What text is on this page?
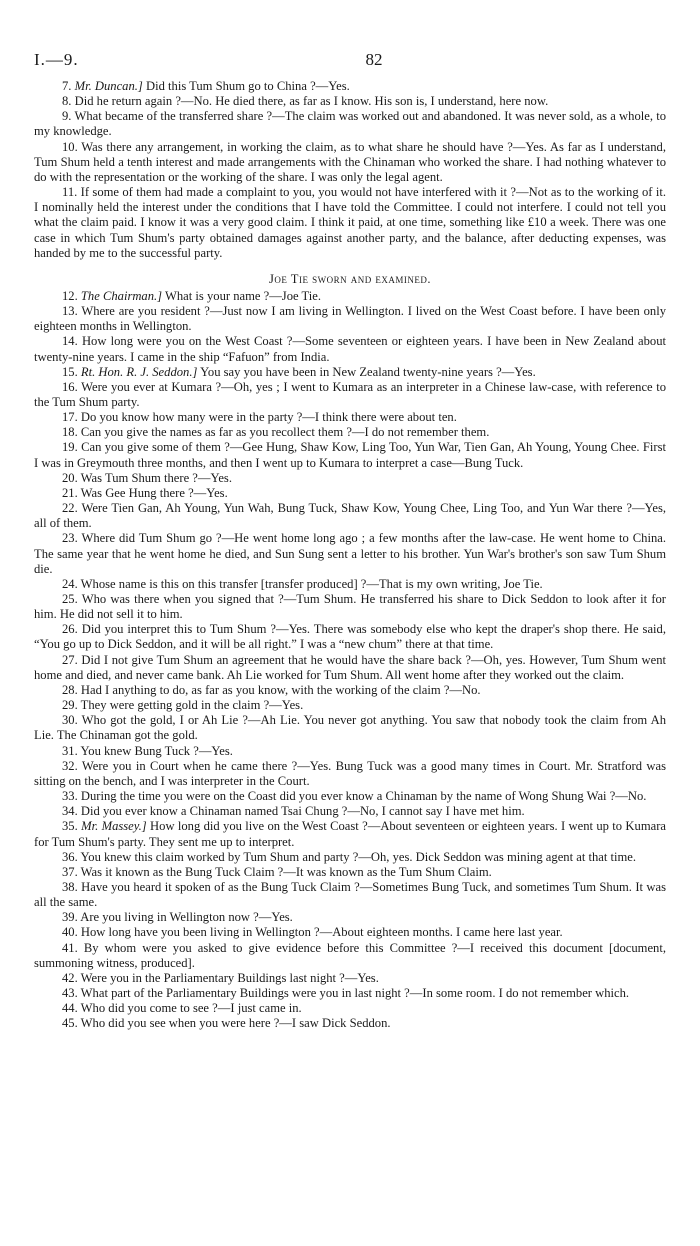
I.—9.	82

7. Mr. Duncan.] Did this Tum Shum go to China ?—Yes.

8. Did he return again ?—No. He died there, as far as I know. His son is, I understand, here now.

9. What became of the transferred share ?—The claim was worked out and abandoned. It was never sold, as a whole, to my knowledge.

10. Was there any arrangement, in working the claim, as to what share he should have ?—Yes. As far as I understand, Tum Shum held a tenth interest and made arrangements with the Chinaman who worked the share. I had nothing whatever to do with the representation or the working of the share. I was only the legal agent.

11. If some of them had made a complaint to you, you would not have interfered with it ?—Not as to the working of it. I nominally held the interest under the conditions that I have told the Committee. I could not interfere. I could not tell you what the claim paid. I know it was a very good claim. I think it paid, at one time, something like £10 a week. There was one case in which Tum Shum's party obtained damages against another party, and the balance, after deducting expenses, was handed by me to the successful party.

Joe Tie sworn and examined.

12. The Chairman.] What is your name ?—Joe Tie.

13. Where are you resident ?—Just now I am living in Wellington. I lived on the West Coast before. I have been only eighteen months in Wellington.

14. How long were you on the West Coast ?—Some seventeen or eighteen years. I have been in New Zealand about twenty-nine years. I came in the ship “Fafuon” from India.

15. Rt. Hon. R. J. Seddon.] You say you have been in New Zealand twenty-nine years ?—Yes.

16. Were you ever at Kumara ?—Oh, yes ; I went to Kumara as an interpreter in a Chinese law-case, with reference to the Tum Shum party.

17. Do you know how many were in the party ?—I think there were about ten.

18. Can you give the names as far as you recollect them ?—I do not remember them.

19. Can you give some of them ?—Gee Hung, Shaw Kow, Ling Too, Yun War, Tien Gan, Ah Young, Young Chee. First I was in Greymouth three months, and then I went up to Kumara to interpret a case—Bung Tuck.

20. Was Tum Shum there ?—Yes.

21. Was Gee Hung there ?—Yes.

22. Were Tien Gan, Ah Young, Yun Wah, Bung Tuck, Shaw Kow, Young Chee, Ling Too, and Yun War there ?—Yes, all of them.

23. Where did Tum Shum go ?—He went home long ago ; a few months after the law-case. He went home to China. The same year that he went home he died, and Sun Sung sent a letter to his brother. Yun War's brother's son saw Tum Shum die.

24. Whose name is this on this transfer [transfer produced] ?—That is my own writing, Joe Tie.

25. Who was there when you signed that ?—Tum Shum. He transferred his share to Dick Seddon to look after it for him. He did not sell it to him.

26. Did you interpret this to Tum Shum ?—Yes. There was somebody else who kept the draper's shop there. He said, “You go up to Dick Seddon, and it will be all right.” I was a “new chum” there at that time.

27. Did I not give Tum Shum an agreement that he would have the share back ?—Oh, yes. However, Tum Shum went home and died, and never came bank. Ah Lie worked for Tum Shum. All went home after they worked out the claim.

28. Had I anything to do, as far as you know, with the working of the claim ?—No.

29. They were getting gold in the claim ?—Yes.

30. Who got the gold, I or Ah Lie ?—Ah Lie. You never got anything. You saw that nobody took the claim from Ah Lie. The Chinaman got the gold.

31. You knew Bung Tuck ?—Yes.

32. Were you in Court when he came there ?—Yes. Bung Tuck was a good many times in Court. Mr. Stratford was sitting on the bench, and I was interpreter in the Court.

33. During the time you were on the Coast did you ever know a Chinaman by the name of Wong Shung Wai ?—No.

34. Did you ever know a Chinaman named Tsai Chung ?—No, I cannot say I have met him.

35. Mr. Massey.] How long did you live on the West Coast ?—About seventeen or eighteen years. I went up to Kumara for Tum Shum's party. They sent me up to interpret.

36. You knew this claim worked by Tum Shum and party ?—Oh, yes. Dick Seddon was mining agent at that time.

37. Was it known as the Bung Tuck Claim ?—It was known as the Tum Shum Claim.

38. Have you heard it spoken of as the Bung Tuck Claim ?—Sometimes Bung Tuck, and sometimes Tum Shum. It was all the same.

39. Are you living in Wellington now ?—Yes.

40. How long have you been living in Wellington ?—About eighteen months. I came here last year.

41. By whom were you asked to give evidence before this Committee ?—I received this document [document, summoning witness, produced].

42. Were you in the Parliamentary Buildings last night ?—Yes.

43. What part of the Parliamentary Buildings were you in last night ?—In some room. I do not remember which.

44. Who did you come to see ?—I just came in.

45. Who did you see when you were here ?—I saw Dick Seddon.
